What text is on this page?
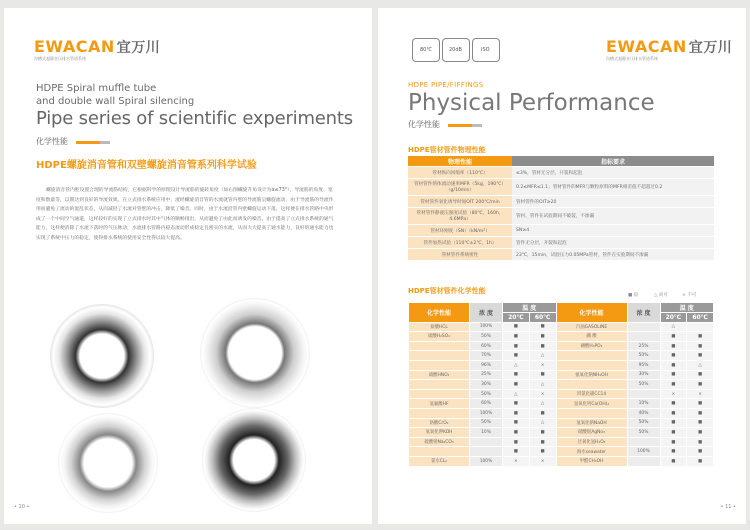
EWACAN 宜万川
沟槽式超静音压排水管道系统
HDPE Spiral muffle tube
and double wall Spiral silencing
Pipe series of scientific experiments
化学性能
HDPE螺旋消音管和双壁螺旋消音管系列科学试验

螺旋消音管内腔设置合理的导流筋结构，它根据科学的原理设计导流筋的旋转角度（如右图螺旋升角设计为α≤73°），导流筋的角度、宽度和数量等，以期达到良好的导流效果。在立式排水系统应用中，流经螺旋消音管的水流就管内壁的导流筋呈螺旋流动，由于导流筋的导流作用而避免了流动的混乱状态，从而减轻了水流对管壁的冲击，降低了噪音。同时，由于水流沿管内壁螺旋运动下落，这样便在排水管路中央形成了一个中间空气通道，这样较好的实现了立式排水时其中气体的顺畅排出，从而避免了由此而诱发的噪音。由于提高了立式排水系统的通气能力，这样便消除了水流下落时的气压脉动，水流排水管路内稳态流动形成稳定且密实的水流，从而大大提高了通水能力，良好的通水能力也实现了系统中压力的稳定，使得排水系统的使用安全性得以较大提高。

• 10 •
80℃	20dB	ISO	EWACAN 宜万川
沟槽式超静音压排水管道系统
HDPE PIPE/FIFFINGS
Physical Performance
化学性能
HDPE管材管件物理性能
物理性能	指标要求
管材纵向回缩率（110℃）	≤3%，管材无分层，开裂和起泡
管材管件熔体流动速率MFR（5kg，190℃）（g/10min）	0.2≤MFR≤1.1；管材管件的MFR与颗粒原料的MFR相差值不超超过0.2
管材管件氧化诱导时间OIT 200℃/min	管材管件的OIT≥20
管材管件静液压强度试验（80℃，160h，4.6MPa）	管材、管件在试验期间不破裂，不渗漏
管材环刚度（SN）（kN/m²）	SN≥4
管件加热试验（110℃±2℃，1h）	管件无分层，开裂和起泡
管材管件系统密性	23℃，15min，试验压力0.05MPa管材，管件在实验期间不渗漏
HDPE管材管件化学性能
■ 稳	△ 尚可	× 不可
化学性能	浓 度	温 度		化学性能	浓 度	温 度	
		20℃	60℃			20℃	60℃
盐酸HCL	100%	■	■	汽油GASOLINE		△	
硫酸H₂SO₄	50%	■	■	硼 酸		■	■
	60%	■	■	磷酸H₃PO₄	25%	■	■
	70%	■	△		50%	■	■
	96%	△	×		95%	■	△
硝酸HNO₃	25%	■	■	氨氧化钠NH₄OH	30%	■	■
	30%	■	△		50%	■	■
	50%	△	×	四氯化碳CC14		×	×
氢氟酸HF	60%	■	△	氢氧化钙Ca(OH)₂	10%	■	■
	100%	■	■		40%	■	■
铬酸CrO₃	50%	■	△	氢氧化钠NaOH	50%	■	■
氢氧化钾KOH	10%	■	■	硝酸银AgNo₃	50%	■	■
硫酸钠Na₂CO₃		■	■	过氧化氢H₂O₂		■	■
		■	■	海水seawater	100%	■	■
氯水CL₂	100%	×	×	甲醛CH₃OH		■	■
• 11 •
